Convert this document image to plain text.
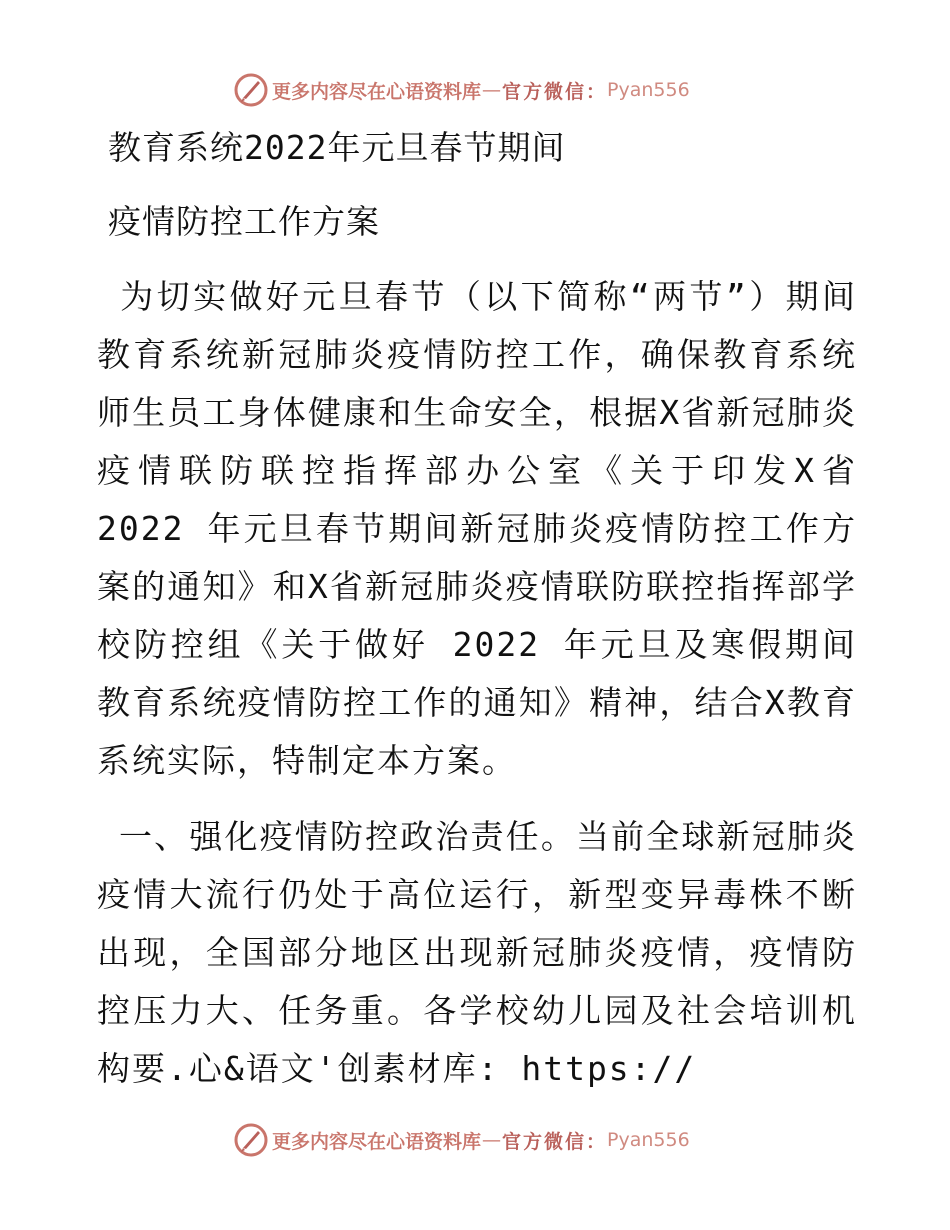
更多内容尽在心语资料库 — 官方微信： Pyan556
教育系统2022年元旦春节期间
疫情防控工作方案
为切实做好元旦春节（以下简称“两节”）期间教育系统新冠肺炎疫情防控工作，确保教育系统师生员工身体健康和生命安全，根据X省新冠肺炎疫情联防联控指挥部办公室《关于印发X省 2022 年元旦春节期间新冠肺炎疫情防控工作方案的通知》和X省新冠肺炎疫情联防联控指挥部学校防控组《关于做好 2022 年元旦及寒假期间教育系统疫情防控工作的通知》精神，结合X教育系统实际，特制定本方案。
一、强化疫情防控政治责任。当前全球新冠肺炎疫情大流行仍处于高位运行，新型变异毒株不断出现，全国部分地区出现新冠肺炎疫情，疫情防控压力大、任务重。各学校幼儿园及社会培训机构要.心&语文'创素材库: https://
更多内容尽在心语资料库 — 官方微信： Pyan556
